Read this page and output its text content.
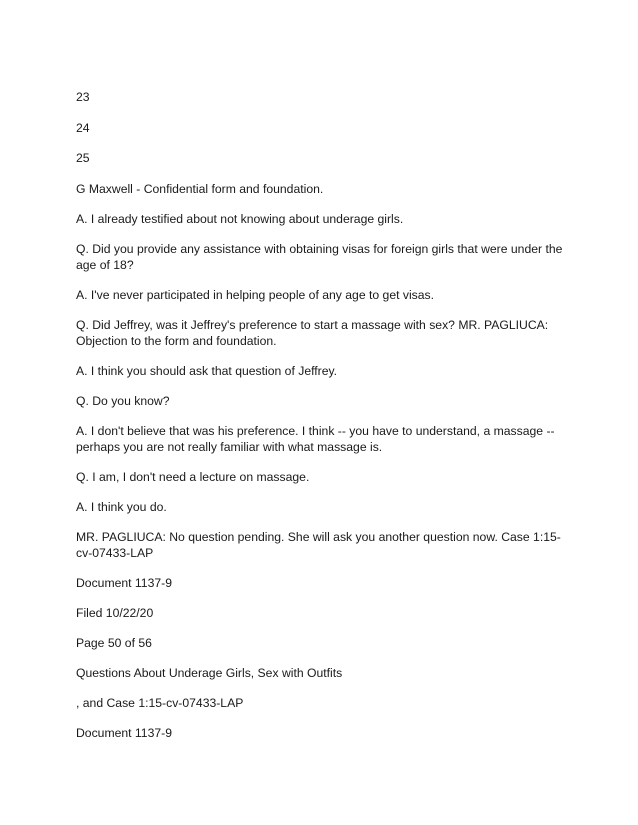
23

24

25

G Maxwell - Confidential form and foundation.

A. I already testified about not knowing about underage girls.

Q. Did you provide any assistance with obtaining visas for foreign girls that were under the age of 18?

A. I've never participated in helping people of any age to get visas.

Q. Did Jeffrey, was it Jeffrey's preference to start a massage with sex? MR. PAGLIUCA: Objection to the form and foundation.

A. I think you should ask that question of Jeffrey.

Q. Do you know?

A. I don't believe that was his preference. I think -- you have to understand, a massage -- perhaps you are not really familiar with what massage is.

Q. I am, I don't need a lecture on massage.

A. I think you do.

MR. PAGLIUCA: No question pending. She will ask you another question now. Case 1:15-cv-07433-LAP

Document 1137-9

Filed 10/22/20

Page 50 of 56

Questions About Underage Girls, Sex with Outfits

, and Case 1:15-cv-07433-LAP

Document 1137-9
